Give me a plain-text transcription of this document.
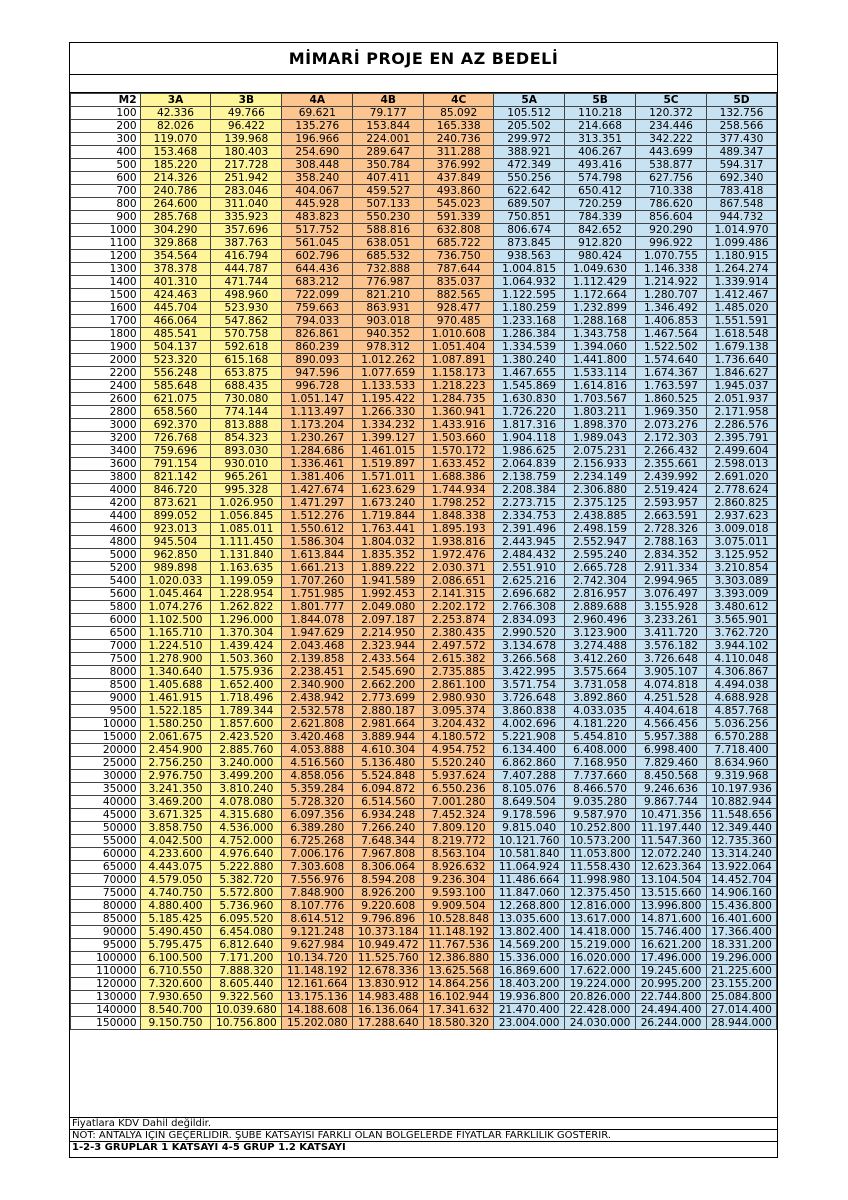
MİMARİ PROJE EN AZ BEDELİ
M2	3A	3B	4A	4B	4C	5A	5B	5C	5D
100	42.336	49.766	69.621	79.177	85.092	105.512	110.218	120.372	132.756
200	82.026	96.422	135.276	153.844	165.338	205.502	214.668	234.446	258.566
300	119.070	139.968	196.966	224.001	240.736	299.972	313.351	342.222	377.430
400	153.468	180.403	254.690	289.647	311.288	388.921	406.267	443.699	489.347
500	185.220	217.728	308.448	350.784	376.992	472.349	493.416	538.877	594.317
600	214.326	251.942	358.240	407.411	437.849	550.256	574.798	627.756	692.340
700	240.786	283.046	404.067	459.527	493.860	622.642	650.412	710.338	783.418
800	264.600	311.040	445.928	507.133	545.023	689.507	720.259	786.620	867.548
900	285.768	335.923	483.823	550.230	591.339	750.851	784.339	856.604	944.732
1000	304.290	357.696	517.752	588.816	632.808	806.674	842.652	920.290	1.014.970
1100	329.868	387.763	561.045	638.051	685.722	873.845	912.820	996.922	1.099.486
1200	354.564	416.794	602.796	685.532	736.750	938.563	980.424	1.070.755	1.180.915
1300	378.378	444.787	644.436	732.888	787.644	1.004.815	1.049.630	1.146.338	1.264.274
1400	401.310	471.744	683.212	776.987	835.037	1.064.932	1.112.429	1.214.922	1.339.914
1500	424.463	498.960	722.099	821.210	882.565	1.122.595	1.172.664	1.280.707	1.412.467
1600	445.704	523.930	759.663	863.931	928.477	1.180.259	1.232.899	1.346.492	1.485.020
1700	466.064	547.862	794.033	903.018	970.485	1.233.168	1.288.168	1.406.853	1.551.591
1800	485.541	570.758	826.861	940.352	1.010.608	1.286.384	1.343.758	1.467.564	1.618.548
1900	504.137	592.618	860.239	978.312	1.051.404	1.334.539	1.394.060	1.522.502	1.679.138
2000	523.320	615.168	890.093	1.012.262	1.087.891	1.380.240	1.441.800	1.574.640	1.736.640
2200	556.248	653.875	947.596	1.077.659	1.158.173	1.467.655	1.533.114	1.674.367	1.846.627
2400	585.648	688.435	996.728	1.133.533	1.218.223	1.545.869	1.614.816	1.763.597	1.945.037
2600	621.075	730.080	1.051.147	1.195.422	1.284.735	1.630.830	1.703.567	1.860.525	2.051.937
2800	658.560	774.144	1.113.497	1.266.330	1.360.941	1.726.220	1.803.211	1.969.350	2.171.958
3000	692.370	813.888	1.173.204	1.334.232	1.433.916	1.817.316	1.898.370	2.073.276	2.286.576
3200	726.768	854.323	1.230.267	1.399.127	1.503.660	1.904.118	1.989.043	2.172.303	2.395.791
3400	759.696	893.030	1.284.686	1.461.015	1.570.172	1.986.625	2.075.231	2.266.432	2.499.604
3600	791.154	930.010	1.336.461	1.519.897	1.633.452	2.064.839	2.156.933	2.355.661	2.598.013
3800	821.142	965.261	1.381.406	1.571.011	1.688.386	2.138.759	2.234.149	2.439.992	2.691.020
4000	846.720	995.328	1.427.674	1.623.629	1.744.934	2.208.384	2.306.880	2.519.424	2.778.624
4200	873.621	1.026.950	1.471.297	1.673.240	1.798.252	2.273.715	2.375.125	2.593.957	2.860.825
4400	899.052	1.056.845	1.512.276	1.719.844	1.848.338	2.334.753	2.438.885	2.663.591	2.937.623
4600	923.013	1.085.011	1.550.612	1.763.441	1.895.193	2.391.496	2.498.159	2.728.326	3.009.018
4800	945.504	1.111.450	1.586.304	1.804.032	1.938.816	2.443.945	2.552.947	2.788.163	3.075.011
5000	962.850	1.131.840	1.613.844	1.835.352	1.972.476	2.484.432	2.595.240	2.834.352	3.125.952
5200	989.898	1.163.635	1.661.213	1.889.222	2.030.371	2.551.910	2.665.728	2.911.334	3.210.854
5400	1.020.033	1.199.059	1.707.260	1.941.589	2.086.651	2.625.216	2.742.304	2.994.965	3.303.089
5600	1.045.464	1.228.954	1.751.985	1.992.453	2.141.315	2.696.682	2.816.957	3.076.497	3.393.009
5800	1.074.276	1.262.822	1.801.777	2.049.080	2.202.172	2.766.308	2.889.688	3.155.928	3.480.612
6000	1.102.500	1.296.000	1.844.078	2.097.187	2.253.874	2.834.093	2.960.496	3.233.261	3.565.901
6500	1.165.710	1.370.304	1.947.629	2.214.950	2.380.435	2.990.520	3.123.900	3.411.720	3.762.720
7000	1.224.510	1.439.424	2.043.468	2.323.944	2.497.572	3.134.678	3.274.488	3.576.182	3.944.102
7500	1.278.900	1.503.360	2.139.858	2.433.564	2.615.382	3.266.568	3.412.260	3.726.648	4.110.048
8000	1.340.640	1.575.936	2.238.451	2.545.690	2.735.885	3.422.995	3.575.664	3.905.107	4.306.867
8500	1.405.688	1.652.400	2.340.900	2.662.200	2.861.100	3.571.754	3.731.058	4.074.818	4.494.038
9000	1.461.915	1.718.496	2.438.942	2.773.699	2.980.930	3.726.648	3.892.860	4.251.528	4.688.928
9500	1.522.185	1.789.344	2.532.578	2.880.187	3.095.374	3.860.838	4.033.035	4.404.618	4.857.768
10000	1.580.250	1.857.600	2.621.808	2.981.664	3.204.432	4.002.696	4.181.220	4.566.456	5.036.256
15000	2.061.675	2.423.520	3.420.468	3.889.944	4.180.572	5.221.908	5.454.810	5.957.388	6.570.288
20000	2.454.900	2.885.760	4.053.888	4.610.304	4.954.752	6.134.400	6.408.000	6.998.400	7.718.400
25000	2.756.250	3.240.000	4.516.560	5.136.480	5.520.240	6.862.860	7.168.950	7.829.460	8.634.960
30000	2.976.750	3.499.200	4.858.056	5.524.848	5.937.624	7.407.288	7.737.660	8.450.568	9.319.968
35000	3.241.350	3.810.240	5.359.284	6.094.872	6.550.236	8.105.076	8.466.570	9.246.636	10.197.936
40000	3.469.200	4.078.080	5.728.320	6.514.560	7.001.280	8.649.504	9.035.280	9.867.744	10.882.944
45000	3.671.325	4.315.680	6.097.356	6.934.248	7.452.324	9.178.596	9.587.970	10.471.356	11.548.656
50000	3.858.750	4.536.000	6.389.280	7.266.240	7.809.120	9.815.040	10.252.800	11.197.440	12.349.440
55000	4.042.500	4.752.000	6.725.268	7.648.344	8.219.772	10.121.760	10.573.200	11.547.360	12.735.360
60000	4.233.600	4.976.640	7.006.176	7.967.808	8.563.104	10.581.840	11.053.800	12.072.240	13.314.240
65000	4.443.075	5.222.880	7.303.608	8.306.064	8.926.632	11.064.924	11.558.430	12.623.364	13.922.064
70000	4.579.050	5.382.720	7.556.976	8.594.208	9.236.304	11.486.664	11.998.980	13.104.504	14.452.704
75000	4.740.750	5.572.800	7.848.900	8.926.200	9.593.100	11.847.060	12.375.450	13.515.660	14.906.160
80000	4.880.400	5.736.960	8.107.776	9.220.608	9.909.504	12.268.800	12.816.000	13.996.800	15.436.800
85000	5.185.425	6.095.520	8.614.512	9.796.896	10.528.848	13.035.600	13.617.000	14.871.600	16.401.600
90000	5.490.450	6.454.080	9.121.248	10.373.184	11.148.192	13.802.400	14.418.000	15.746.400	17.366.400
95000	5.795.475	6.812.640	9.627.984	10.949.472	11.767.536	14.569.200	15.219.000	16.621.200	18.331.200
100000	6.100.500	7.171.200	10.134.720	11.525.760	12.386.880	15.336.000	16.020.000	17.496.000	19.296.000
110000	6.710.550	7.888.320	11.148.192	12.678.336	13.625.568	16.869.600	17.622.000	19.245.600	21.225.600
120000	7.320.600	8.605.440	12.161.664	13.830.912	14.864.256	18.403.200	19.224.000	20.995.200	23.155.200
130000	7.930.650	9.322.560	13.175.136	14.983.488	16.102.944	19.936.800	20.826.000	22.744.800	25.084.800
140000	8.540.700	10.039.680	14.188.608	16.136.064	17.341.632	21.470.400	22.428.000	24.494.400	27.014.400
150000	9.150.750	10.756.800	15.202.080	17.288.640	18.580.320	23.004.000	24.030.000	26.244.000	28.944.000
Fiyatlara KDV Dahil değildir.
NOT: ANTALYA İÇİN GEÇERLİDİR. ŞUBE KATSAYISI FARKLI OLAN BÖLGELERDE FİYATLAR FARKLILIK GÖSTERİR.
1-2-3 GRUPLAR 1 KATSAYI 4-5 GRUP 1.2 KATSAYI
